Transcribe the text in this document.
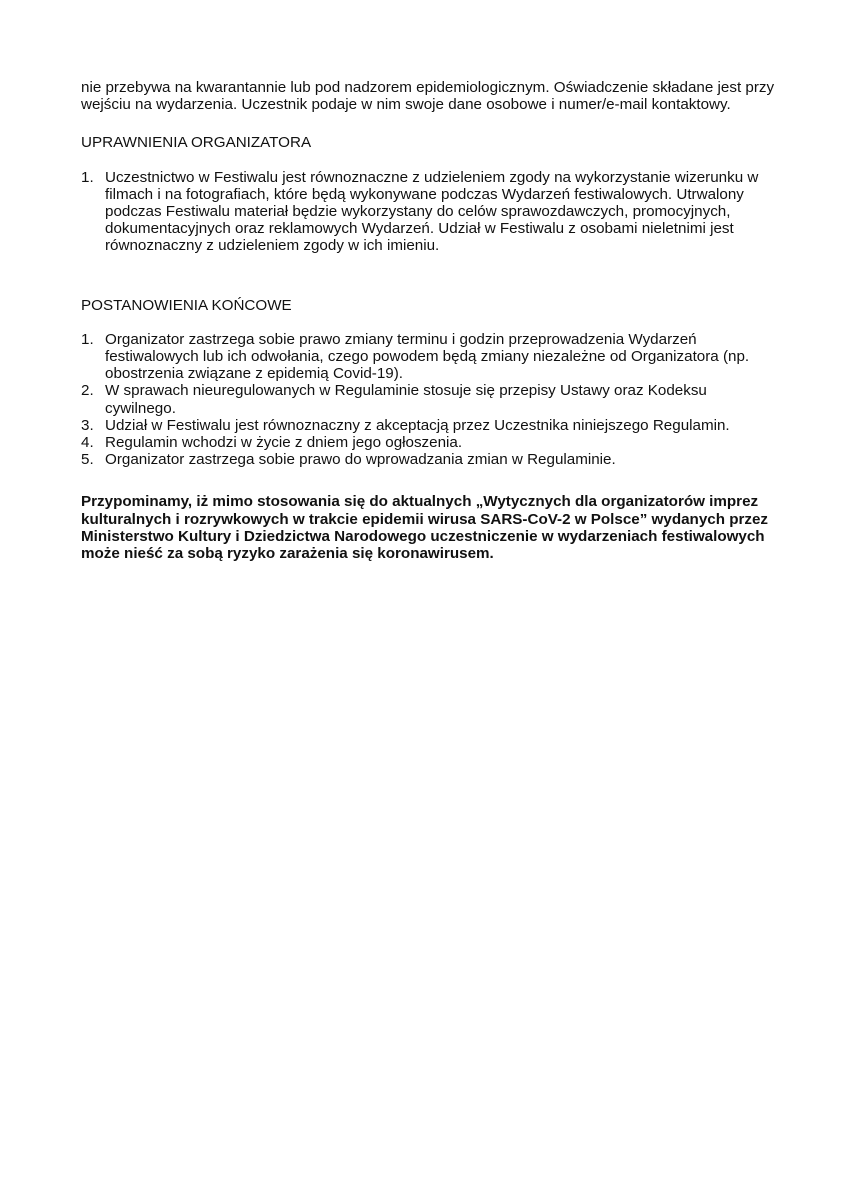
nie przebywa na kwarantannie lub pod nadzorem epidemiologicznym. Oświadczenie składane jest przy wejściu na wydarzenia. Uczestnik podaje w nim swoje dane osobowe i numer/e-mail kontaktowy.

UPRAWNIENIA ORGANIZATORA

1. Uczestnictwo w Festiwalu jest równoznaczne z udzieleniem zgody na wykorzystanie wizerunku w filmach i na fotografiach, które będą wykonywane podczas Wydarzeń festiwalowych. Utrwalony podczas Festiwalu materiał będzie wykorzystany do celów sprawozdawczych, promocyjnych, dokumentacyjnych oraz reklamowych Wydarzeń. Udział w Festiwalu z osobami nieletnimi jest równoznaczny z udzieleniem zgody w ich imieniu.

POSTANOWIENIA KOŃCOWE

1. Organizator zastrzega sobie prawo zmiany terminu i godzin przeprowadzenia Wydarzeń festiwalowych lub ich odwołania, czego powodem będą zmiany niezależne od Organizatora (np. obostrzenia związane z epidemią Covid-19).
2. W sprawach nieuregulowanych w Regulaminie stosuje się przepisy Ustawy oraz Kodeksu cywilnego.
3. Udział w Festiwalu jest równoznaczny z akceptacją przez Uczestnika niniejszego Regulamin.
4. Regulamin wchodzi w życie z dniem jego ogłoszenia.
5. Organizator zastrzega sobie prawo do wprowadzania zmian w Regulaminie.

Przypominamy, iż mimo stosowania się do aktualnych „Wytycznych dla organizatorów imprez kulturalnych i rozrywkowych w trakcie epidemii wirusa SARS-CoV-2 w Polsce” wydanych przez Ministerstwo Kultury i Dziedzictwa Narodowego uczestniczenie w wydarzeniach festiwalowych może nieść za sobą ryzyko zarażenia się koronawirusem.
